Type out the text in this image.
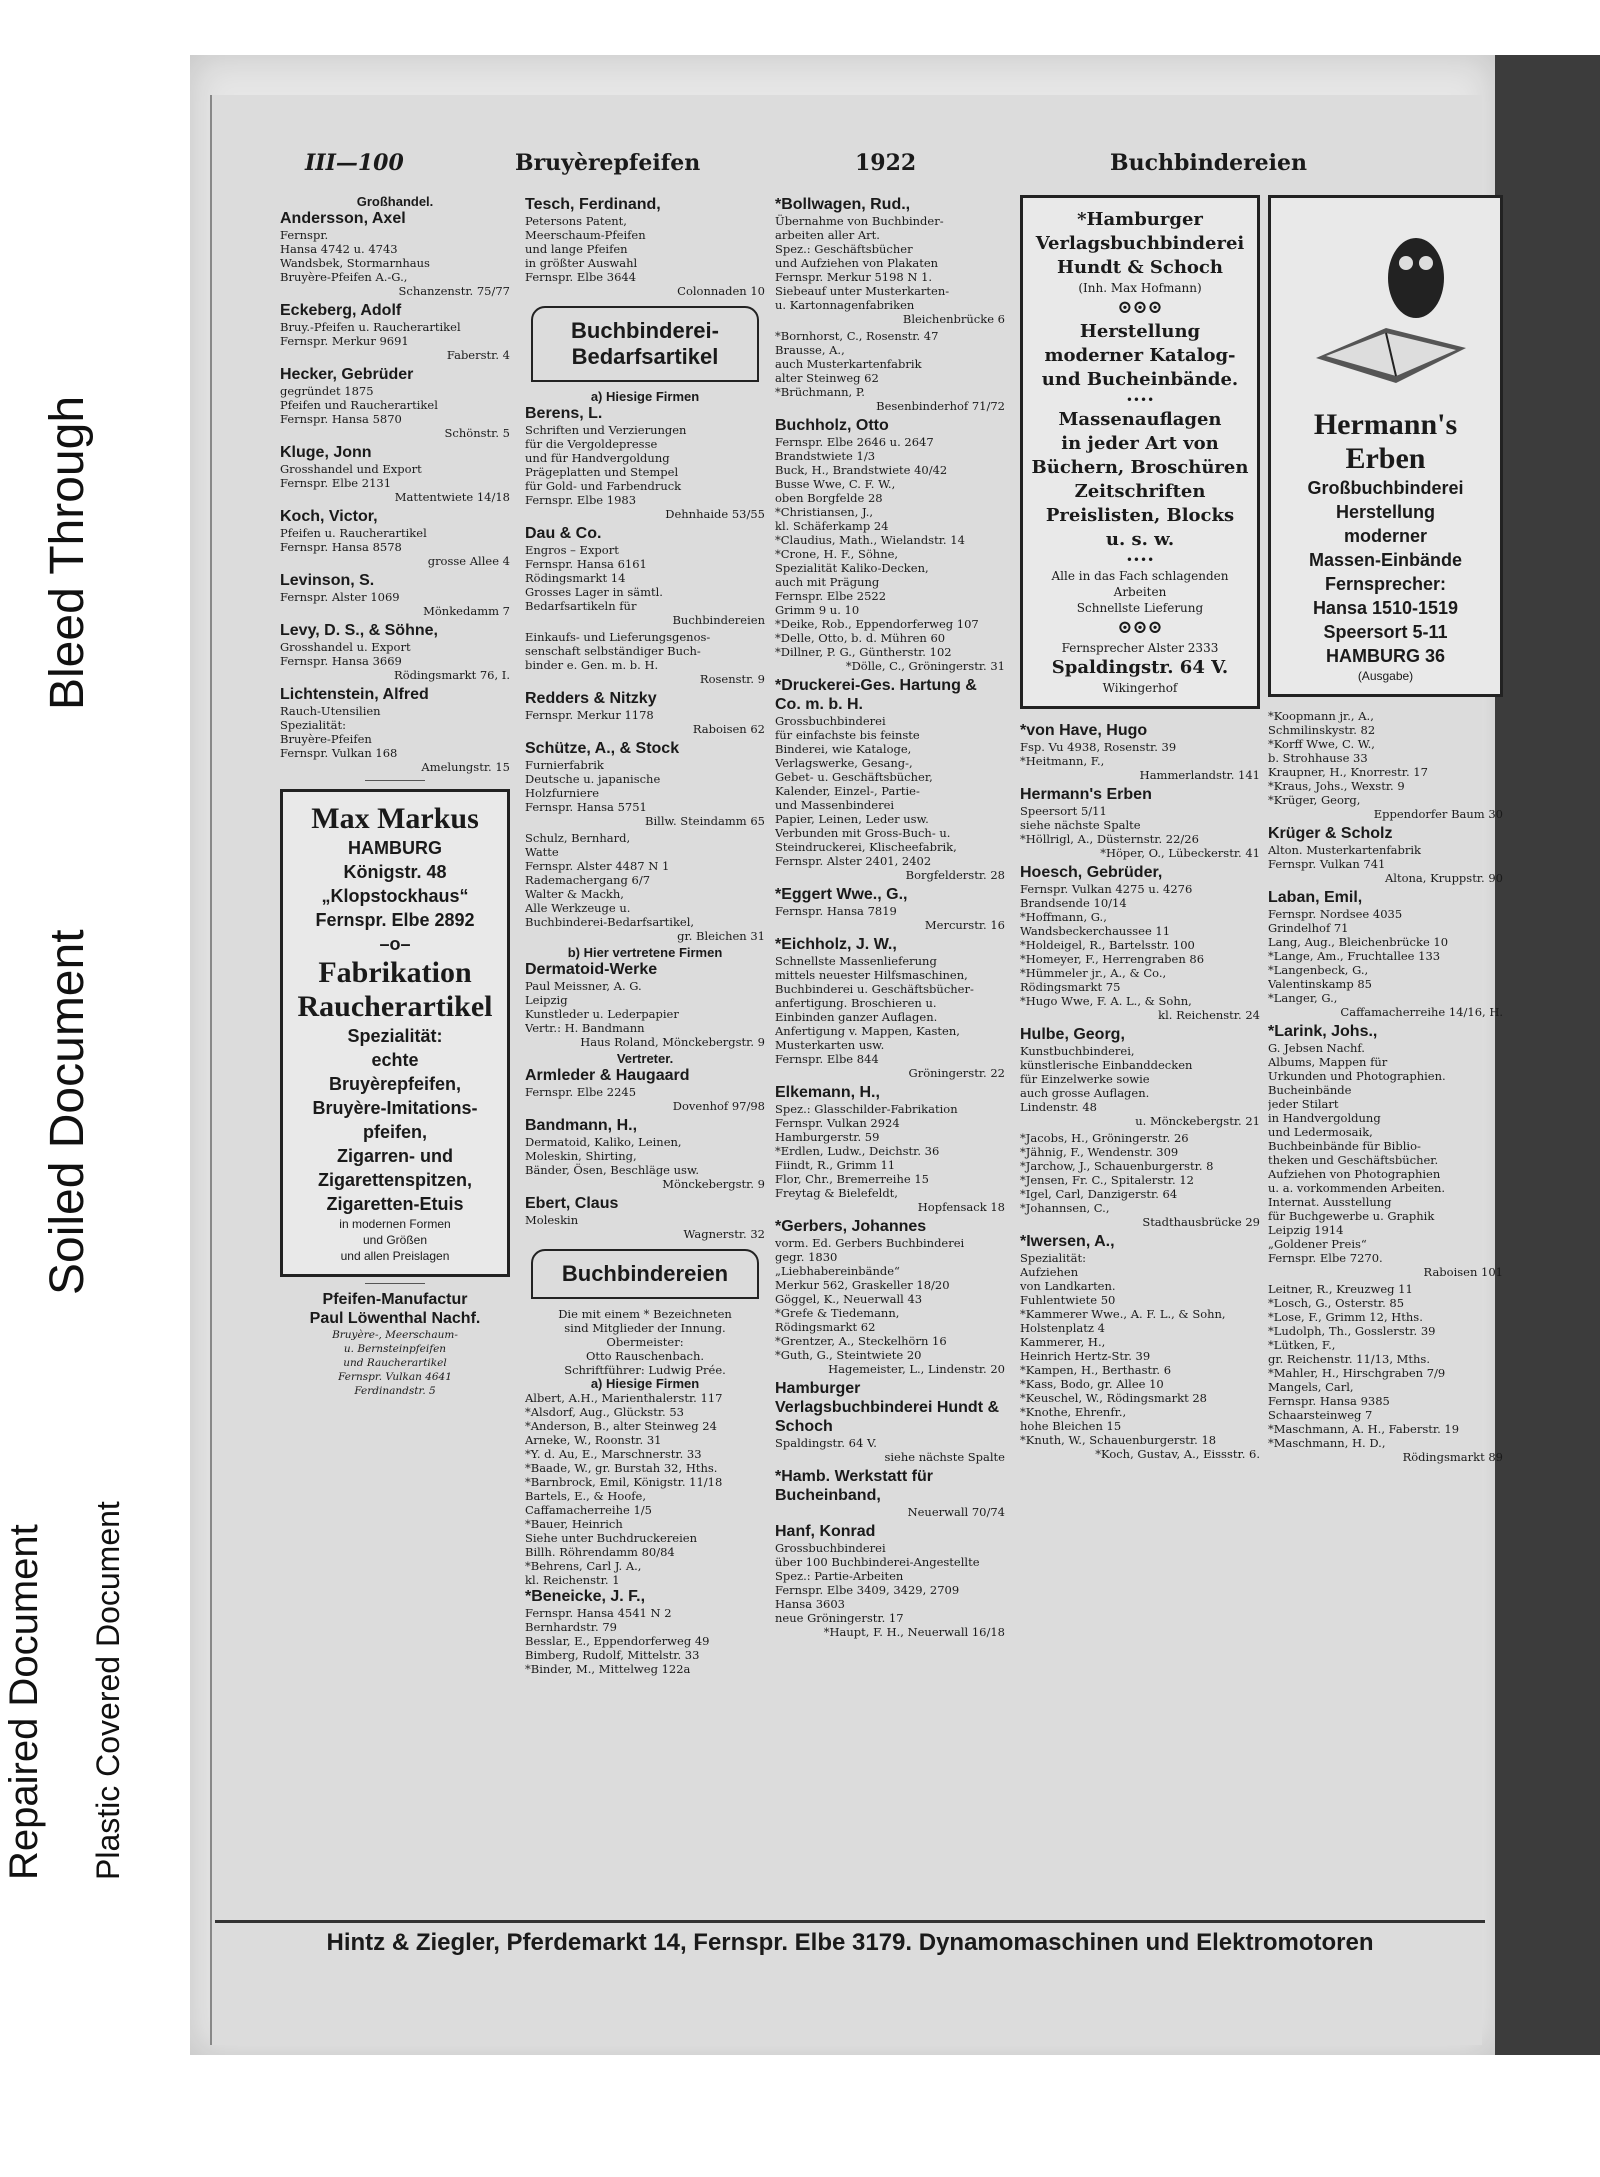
Bleed Through
Soiled Document
Repaired Document Plastic Covered Document
III—100	Bruyèrepfeifen	1922	Buchbindereien
Großhandel.
Andersson, Axel
Fernspr.
Hansa 4742 u. 4743
Wandsbek, Stormarnhaus
Bruyère-Pfeifen A.-G.,
Schanzenstr. 75/77
Eckeberg, Adolf
Bruy.-Pfeifen u. Raucherartikel
Fernspr. Merkur 9691
Faberstr. 4
Hecker, Gebrüder
gegründet 1875
Pfeifen und Raucherartikel
Fernspr. Hansa 5870
Schönstr. 5
Kluge, Jonn
Grosshandel und Export
Fernspr. Elbe 2131
Mattentwiete 14/18
Koch, Victor,
Pfeifen u. Raucherartikel
Fernspr. Hansa 8578
grosse Allee 4
Levinson, S.
Fernspr. Alster 1069
Mönkedamm 7
Levy, D. S., & Söhne,
Grosshandel u. Export
Fernspr. Hansa 3669
Rödingsmarkt 76, I.
Lichtenstein, Alfred
Rauch-Utensilien
Spezialität:
Bruyère-Pfeifen
Fernspr. Vulkan 168
Amelungstr. 15
Max Markus
HAMBURG
Königstr. 48
„Klopstockhaus“
Fernspr. Elbe 2892
–o–
Fabrikation
Raucherartikel
Spezialität:
echte
Bruyèrepfeifen,
Bruyère-Imitations-
pfeifen,
Zigarren- und
Zigarettenspitzen,
Zigaretten-Etuis
in modernen Formen
und Größen
und allen Preislagen
Pfeifen-Manufactur
Paul Löwenthal Nachf.
Bruyère-, Meerschaum-
u. Bernsteinpfeifen
und Raucherartikel
Fernspr. Vulkan 4641
Ferdinandstr. 5
Tesch, Ferdinand,
Petersons Patent,
Meerschaum-Pfeifen
und lange Pfeifen
in größter Auswahl
Fernspr. Elbe 3644
Colonnaden 10
Buchbinderei-Bedarfsartikel
a) Hiesige Firmen
Berens, L.
Schriften und Verzierungen
für die Vergoldepresse
und für Handvergoldung
Prägeplatten und Stempel
für Gold- und Farbendruck
Fernspr. Elbe 1983
Dehnhaide 53/55
Dau & Co.
Engros – Export
Fernspr. Hansa 6161
Rödingsmarkt 14
Grosses Lager in sämtl.
Bedarfsartikeln für
Buchbindereien
Einkaufs- und Lieferungsgenos-
senschaft selbständiger Buch-
binder e. Gen. m. b. H.
Rosenstr. 9
Redders & Nitzky
Fernspr. Merkur 1178
Raboisen 62
Schütze, A., & Stock
Furnierfabrik
Deutsche u. japanische
Holzfurniere
Fernspr. Hansa 5751
Billw. Steindamm 65
Schulz, Bernhard,
Watte
Fernspr. Alster 4487 N 1
Rademachergang 6/7
Walter & Mackh,
Alle Werkzeuge u.
Buchbinderei-Bedarfsartikel,
gr. Bleichen 31
b) Hier vertretene Firmen
Dermatoid-Werke
Paul Meissner, A. G.
Leipzig
Kunstleder u. Lederpapier
Vertr.: H. Bandmann
Haus Roland, Mönckebergstr. 9
Vertreter.
Armleder & Haugaard
Fernspr. Elbe 2245
Dovenhof 97/98
Bandmann, H.,
Dermatoid, Kaliko, Leinen,
Moleskin, Shirting,
Bänder, Ösen, Beschläge usw.
Mönckebergstr. 9
Ebert, Claus
Moleskin
Wagnerstr. 32
Buchbindereien
Die mit einem * Bezeichneten
sind Mitglieder der Innung.
Obermeister:
Otto Rauschenbach.
Schriftführer: Ludwig Prée.
a) Hiesige Firmen
Albert, A.H., Marienthalerstr. 117
*Alsdorf, Aug., Glückstr. 53
*Anderson, B., alter Steinweg 24
Arneke, W., Roonstr. 31
*Y. d. Au, E., Marschnerstr. 33
*Baade, W., gr. Burstah 32, Hths.
*Barnbrock, Emil, Königstr. 11/18
Bartels, E., & Hoofe,
Caffamacherreihe 1/5
*Bauer, Heinrich
Siehe unter Buchdruckereien
Billh. Röhrendamm 80/84
*Behrens, Carl J. A.,
kl. Reichenstr. 1
*Beneicke, J. F.,
Fernspr. Hansa 4541 N 2
Bernhardstr. 79
Besslar, E., Eppendorferweg 49
Bimberg, Rudolf, Mittelstr. 33
*Binder, M., Mittelweg 122a
*Bollwagen, Rud.,
Übernahme von Buchbinder-
arbeiten aller Art.
Spez.: Geschäftsbücher
und Aufziehen von Plakaten
Fernspr. Merkur 5198 N 1.
Siebeauf unter Musterkarten-
u. Kartonnagenfabriken
Bleichenbrücke 6
*Bornhorst, C., Rosenstr. 47
Brausse, A.,
auch Musterkartenfabrik
alter Steinweg 62
*Brüchmann, P.
Besenbinderhof 71/72
Buchholz, Otto
Fernspr. Elbe 2646 u. 2647
Brandstwiete 1/3
Buck, H., Brandstwiete 40/42
Busse Wwe, C. F. W.,
oben Borgfelde 28
*Christiansen, J.,
kl. Schäferkamp 24
*Claudius, Math., Wielandstr. 14
*Crone, H. F., Söhne,
Spezialität Kaliko-Decken,
auch mit Prägung
Fernspr. Elbe 2522
Grimm 9 u. 10
*Deike, Rob., Eppendorferweg 107
*Delle, Otto, b. d. Mühren 60
*Dillner, P. G., Güntherstr. 102
*Dölle, C., Gröningerstr. 31
*Druckerei-Ges. Hartung & Co. m. b. H.
Grossbuchbinderei
für einfachste bis feinste
Binderei, wie Kataloge,
Verlagswerke, Gesang-,
Gebet- u. Geschäftsbücher,
Kalender, Einzel-, Partie-
und Massenbinderei
Papier, Leinen, Leder usw.
Verbunden mit Gross-Buch- u.
Steindruckerei, Klischeefabrik,
Fernspr. Alster 2401, 2402
Borgfelderstr. 28
*Eggert Wwe., G.,
Fernspr. Hansa 7819
Mercurstr. 16
*Eichholz, J. W.,
Schnellste Massenlieferung
mittels neuester Hilfsmaschinen,
Buchbinderei u. Geschäftsbücher-
anfertigung. Broschieren u.
Einbinden ganzer Auflagen.
Anfertigung v. Mappen, Kasten,
Musterkarten usw.
Fernspr. Elbe 844
Gröningerstr. 22
Elkemann, H.,
Spez.: Glasschilder-Fabrikation
Fernspr. Vulkan 2924
Hamburgerstr. 59
*Erdlen, Ludw., Deichstr. 36
Fiindt, R., Grimm 11
Flor, Chr., Bremerreihe 15
Freytag & Bielefeldt,
Hopfensack 18
*Gerbers, Johannes
vorm. Ed. Gerbers Buchbinderei
gegr. 1830
„Liebhabereinbände“
Merkur 562, Graskeller 18/20
Göggel, K., Neuerwall 43
*Grefe & Tiedemann,
Rödingsmarkt 62
*Grentzer, A., Steckelhörn 16
*Guth, G., Steintwiete 20
Hagemeister, L., Lindenstr. 20
Hamburger Verlagsbuchbinderei Hundt & Schoch
Spaldingstr. 64 V.
siehe nächste Spalte
*Hamb. Werkstatt für Bucheinband,
Neuerwall 70/74
Hanf, Konrad
Grossbuchbinderei
über 100 Buchbinderei-Angestellte
Spez.: Partie-Arbeiten
Fernspr. Elbe 3409, 3429, 2709
Hansa 3603
neue Gröningerstr. 17
*Haupt, F. H., Neuerwall 16/18
*Hamburger
Verlagsbuchbinderei
Hundt & Schoch
(Inh. Max Hofmann)
⊙⊙⊙
Herstellung
moderner Katalog-
und Bucheinbände.
••••
Massenauflagen
in jeder Art von
Büchern, Broschüren
Zeitschriften
Preislisten, Blocks
u. s. w.
••••
Alle in das Fach schlagenden
Arbeiten
Schnellste Lieferung
⊙⊙⊙
Fernsprecher Alster 2333
Spaldingstr. 64 V.
Wikingerhof
*von Have, Hugo
Fsp. Vu 4938, Rosenstr. 39
*Heitmann, F.,
Hammerlandstr. 141
Hermann's Erben
Speersort 5/11
siehe nächste Spalte
*Höllrigl, A., Düsternstr. 22/26
*Höper, O., Lübeckerstr. 41
Hoesch, Gebrüder,
Fernspr. Vulkan 4275 u. 4276
Brandsende 10/14
*Hoffmann, G.,
Wandsbeckerchaussee 11
*Holdeigel, R., Bartelsstr. 100
*Homeyer, F., Herrengraben 86
*Hümmeler jr., A., & Co.,
Rödingsmarkt 75
*Hugo Wwe, F. A. L., & Sohn,
kl. Reichenstr. 24
Hulbe, Georg,
Kunstbuchbinderei,
künstlerische Einbanddecken
für Einzelwerke sowie
auch grosse Auflagen.
Lindenstr. 48
u. Mönckebergstr. 21
*Jacobs, H., Gröningerstr. 26
*Jähnig, F., Wendenstr. 309
*Jarchow, J., Schauenburgerstr. 8
*Jensen, Fr. C., Spitalerstr. 12
*Igel, Carl, Danzigerstr. 64
*Johannsen, C.,
Stadthausbrücke 29
*Iwersen, A.,
Spezialität:
Aufziehen
von Landkarten.
Fuhlentwiete 50
*Kammerer Wwe., A. F. L., & Sohn,
Holstenplatz 4
Kammerer, H.,
Heinrich Hertz-Str. 39
*Kampen, H., Berthastr. 6
*Kass, Bodo, gr. Allee 10
*Keuschel, W., Rödingsmarkt 28
*Knothe, Ehrenfr.,
hohe Bleichen 15
*Knuth, W., Schauenburgerstr. 18
*Koch, Gustav, A., Eissstr. 6.
Hermann's
Erben
Großbuchbinderei
Herstellung
moderner
Massen-Einbände
Fernsprecher:
Hansa 1510-1519
Speersort 5-11
HAMBURG 36
(Ausgabe)
*Koopmann jr., A.,
Schmilinskystr. 82
*Korff Wwe, C. W.,
b. Strohhause 33
Kraupner, H., Knorrestr. 17
*Kraus, Johs., Wexstr. 9
*Krüger, Georg,
Eppendorfer Baum 30
Krüger & Scholz
Alton. Musterkartenfabrik
Fernspr. Vulkan 741
Altona, Kruppstr. 90
Laban, Emil,
Fernspr. Nordsee 4035
Grindelhof 71
Lang, Aug., Bleichenbrücke 10
*Lange, Am., Fruchtallee 133
*Langenbeck, G.,
Valentinskamp 85
*Langer, G.,
Caffamacherreihe 14/16, H.
*Larink, Johs.,
G. Jebsen Nachf.
Albums, Mappen für
Urkunden und Photographien.
Bucheinbände
jeder Stilart
in Handvergoldung
und Ledermosaik,
Buchbeinbände für Biblio-
theken und Geschäftsbücher.
Aufziehen von Photographien
u. a. vorkommenden Arbeiten.
Internat. Ausstellung
für Buchgewerbe u. Graphik
Leipzig 1914
„Goldener Preis“
Fernspr. Elbe 7270.
Raboisen 101
Leitner, R., Kreuzweg 11
*Losch, G., Osterstr. 85
*Lose, F., Grimm 12, Hths.
*Ludolph, Th., Gosslerstr. 39
*Lütken, F.,
gr. Reichenstr. 11/13, Mths.
*Mahler, H., Hirschgraben 7/9
Mangels, Carl,
Fernspr. Hansa 9385
Schaarsteinweg 7
*Maschmann, A. H., Faberstr. 19
*Maschmann, H. D.,
Rödingsmarkt 89
Hintz & Ziegler, Pferdemarkt 14, Fernspr. Elbe 3179. Dynamomaschinen und Elektromotoren
